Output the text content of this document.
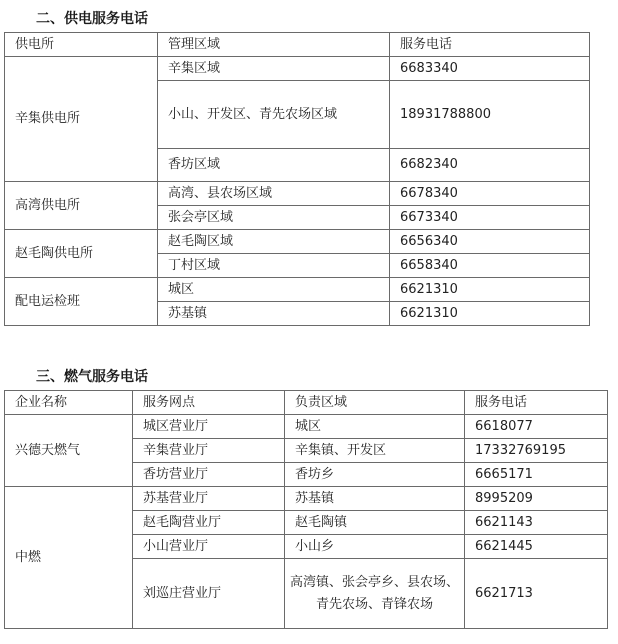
二、供电服务电话
供电所	管理区域	服务电话
辛集供电所	辛集区域	6683340
	小山、开发区、青先农场区域	18931788800
	香坊区域	6682340
高湾供电所	高湾、县农场区域	6678340
	张会亭区域	6673340
赵毛陶供电所	赵毛陶区域	6656340
	丁村区域	6658340
配电运检班	城区	6621310
	苏基镇	6621310
三、燃气服务电话
企业名称	服务网点	负责区域	服务电话
兴德天燃气	城区营业厅	城区	6618077
	辛集营业厅	辛集镇、开发区	17332769195
	香坊营业厅	香坊乡	6665171
中燃	苏基营业厅	苏基镇	8995209
	赵毛陶营业厅	赵毛陶镇	6621143
	小山营业厅	小山乡	6621445
	刘巡庄营业厅	高湾镇、张会亭乡、县农场、青先农场、青锋农场	6621713
